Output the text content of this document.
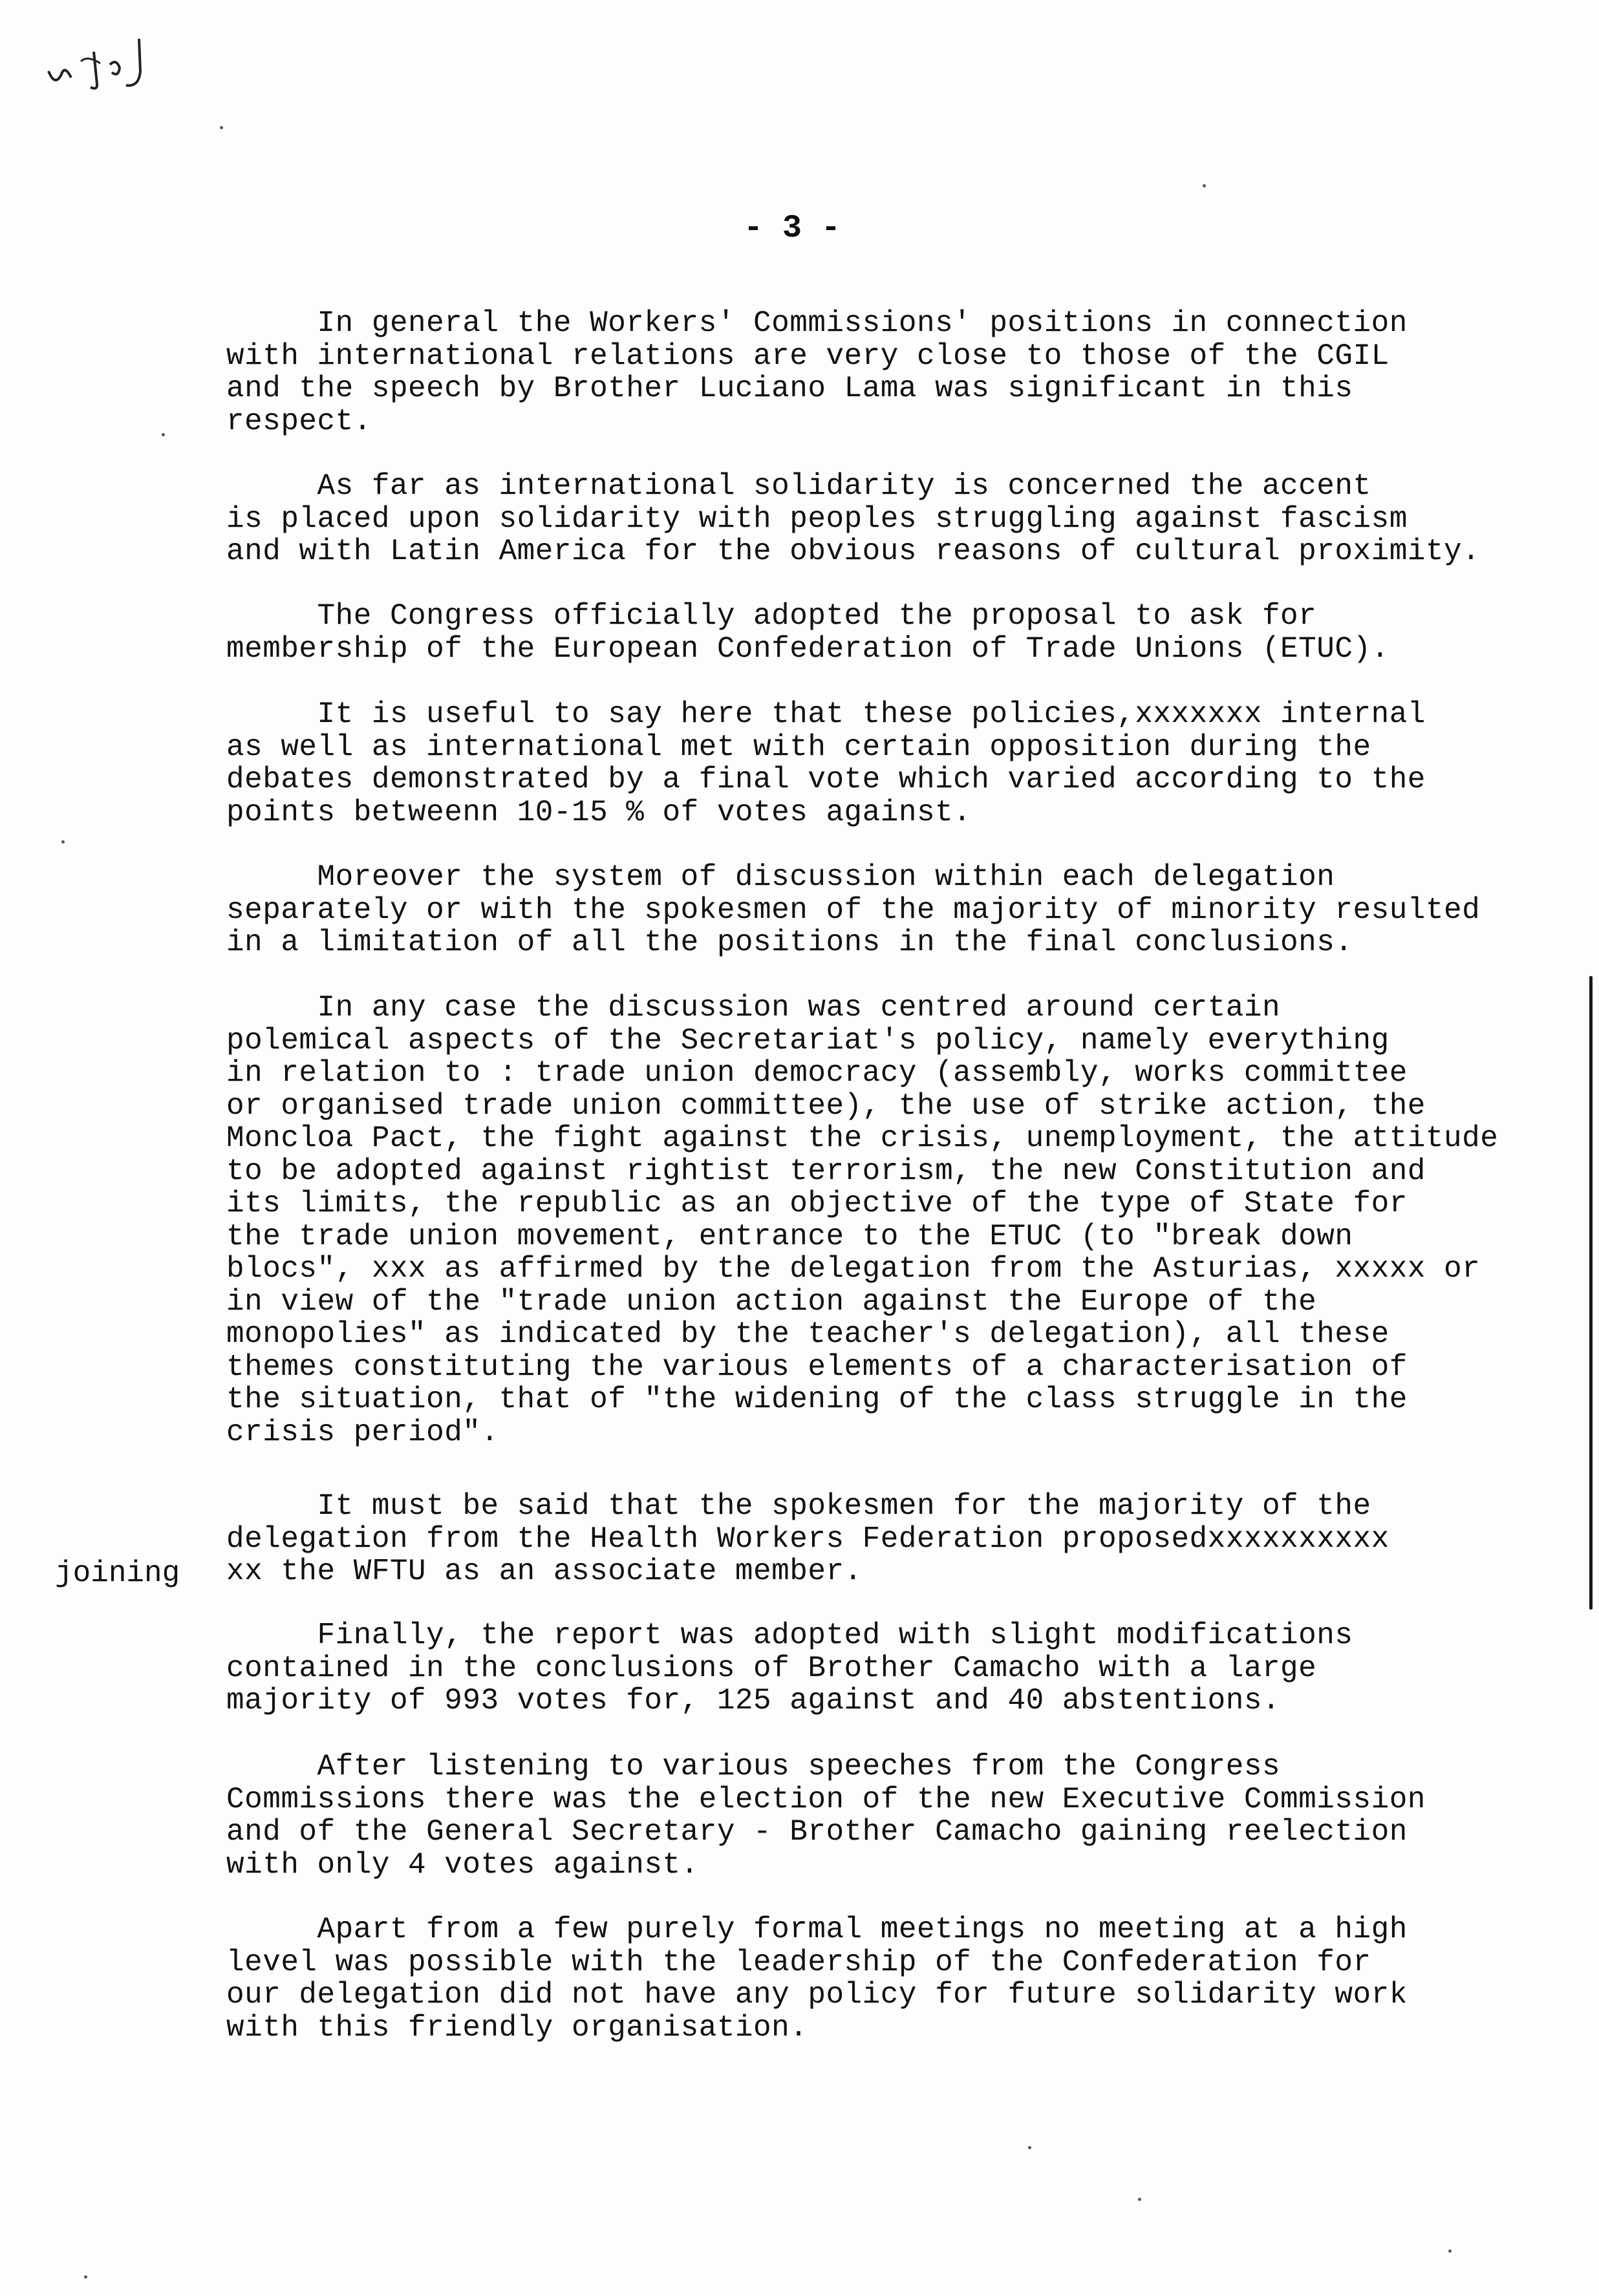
- 3 -
In general the Workers' Commissions' positions in connection
with international relations are very close to those of the CGIL
and the speech by Brother Luciano Lama was significant in this
respect.
As far as international solidarity is concerned the accent
is placed upon solidarity with peoples struggling against fascism
and with Latin America for the obvious reasons of cultural proximity.
The Congress officially adopted the proposal to ask for
membership of the European Confederation of Trade Unions (ETUC).
It is useful to say here that these policies,xxxxxxx internal
as well as international met with certain opposition during the
debates demonstrated by a final vote which varied according to the
points betweenn 10-15 % of votes against.
Moreover the system of discussion within each delegation
separately or with the spokesmen of the majority of minority resulted
in a limitation of all the positions in the final conclusions.
In any case the discussion was centred around certain
polemical aspects of the Secretariat's policy, namely everything
in relation to : trade union democracy (assembly, works committee
or organised trade union committee), the use of strike action, the
Moncloa Pact, the fight against the crisis, unemployment, the attitude
to be adopted against rightist terrorism, the new Constitution and
its limits, the republic as an objective of the type of State for
the trade union movement, entrance to the ETUC (to "break down
blocs", xxx as affirmed by the delegation from the Asturias, xxxxx or
in view of the "trade union action against the Europe of the
monopolies" as indicated by the teacher's delegation), all these
themes constituting the various elements of a characterisation of
the situation, that of "the widening of the class struggle in the
crisis period".
It must be said that the spokesmen for the majority of the
delegation from the Health Workers Federation proposedxxxxxxxxxx
xx the WFTU as an associate member.
Finally, the report was adopted with slight modifications
contained in the conclusions of Brother Camacho with a large
majority of 993 votes for, 125 against and 40 abstentions.
After listening to various speeches from the Congress
Commissions there was the election of the new Executive Commission
and of the General Secretary - Brother Camacho gaining reelection
with only 4 votes against.
Apart from a few purely formal meetings no meeting at a high
level was possible with the leadership of the Confederation for
our delegation did not have any policy for future solidarity work
with this friendly organisation.
joining
